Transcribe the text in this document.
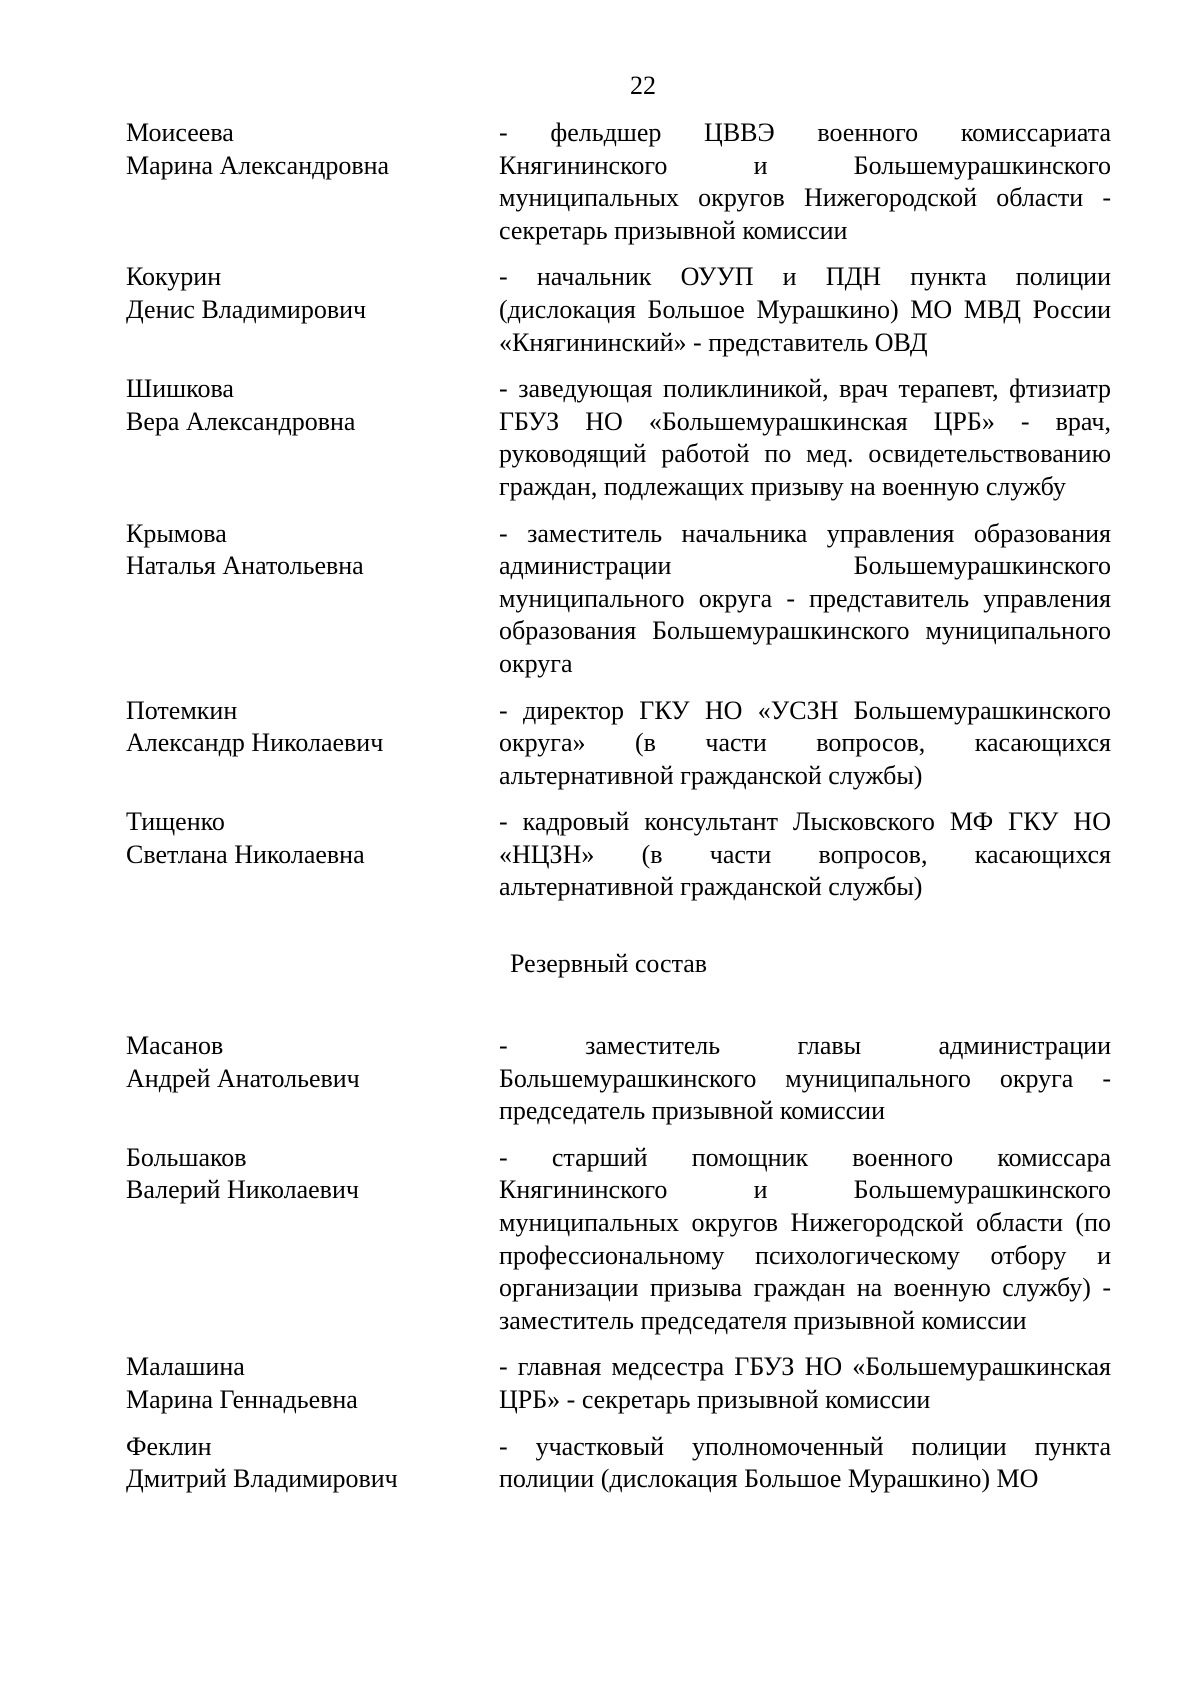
22
Моисеева
Марина Александровна
- фельдшер ЦВВЭ военного комиссариата Княгининского и Большемурашкинского муниципальных округов Нижегородской области - секретарь призывной комиссии
Кокурин
Денис Владимирович
- начальник ОУУП и ПДН пункта полиции (дислокация Большое Мурашкино) МО МВД России «Княгининский» - представитель ОВД
Шишкова
Вера Александровна
- заведующая поликлиникой, врач терапевт, фтизиатр ГБУЗ НО «Большемурашкинская ЦРБ» - врач, руководящий работой по мед. освидетельствованию граждан, подлежащих призыву на военную службу
Крымова
Наталья Анатольевна
- заместитель начальника управления образования администрации Большемурашкинского муниципального округа - представитель управления образования Большемурашкинского муниципального округа
Потемкин
Александр Николаевич
- директор ГКУ НО «УСЗН Большемурашкинского округа» (в части вопросов, касающихся альтернативной гражданской службы)
Тищенко
Светлана Николаевна
- кадровый консультант Лысковского МФ ГКУ НО «НЦЗН» (в части вопросов, касающихся альтернативной гражданской службы)
Резервный состав
Масанов
Андрей Анатольевич
- заместитель главы администрации Большемурашкинского муниципального округа - председатель призывной комиссии
Большаков
Валерий Николаевич
- старший помощник военного комиссара Княгининского и Большемурашкинского муниципальных округов Нижегородской области (по профессиональному психологическому отбору и организации призыва граждан на военную службу) - заместитель председателя призывной комиссии
Малашина
Марина Геннадьевна
- главная медсестра ГБУЗ НО «Большемурашкинская ЦРБ» - секретарь призывной комиссии
Феклин
Дмитрий Владимирович
- участковый уполномоченный полиции пункта полиции (дислокация Большое Мурашкино) МО
